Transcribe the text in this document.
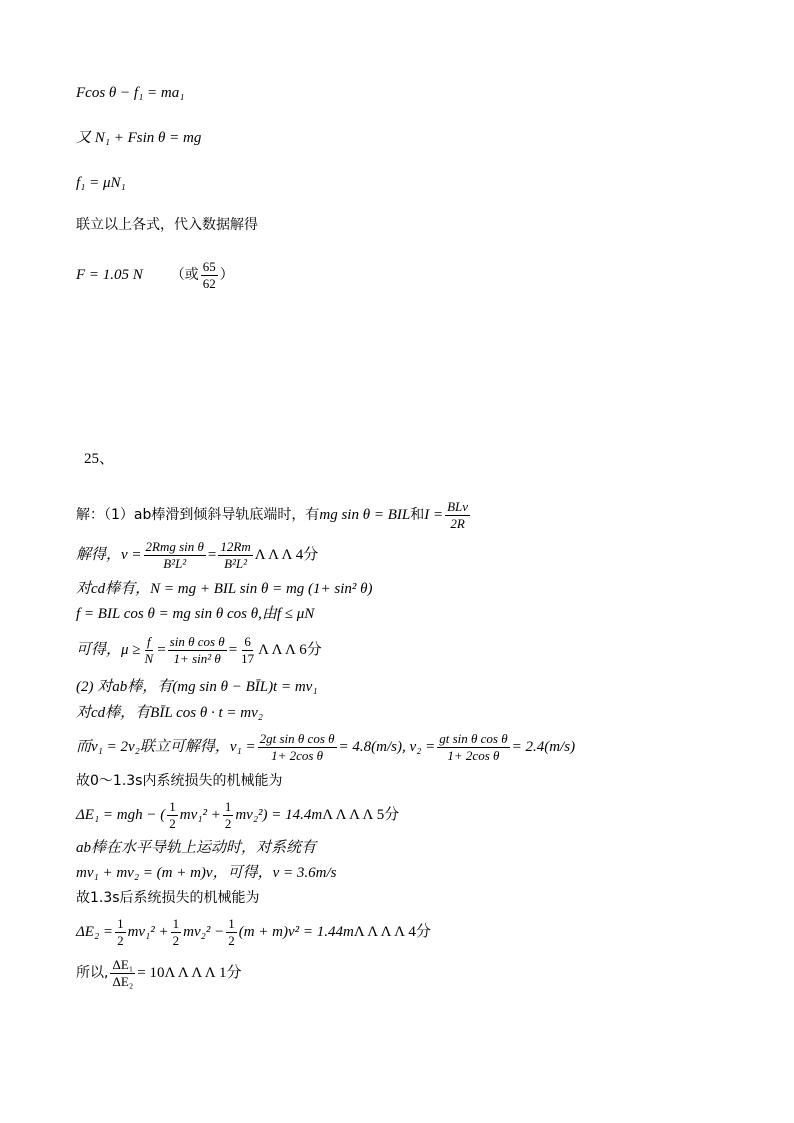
Fcos θ − f₁ = ma₁
又 N₁ + Fsin θ = mg
f₁ = μN₁
联立以上各式，代入数据解得
F = 1.05 N （或 $\frac{65}{62}$ ）
25、
解：（1）ab棒滑到倾斜导轨底端时，有 mg sin θ = BIL 和 $I = \frac{\text{BLv}}{2R}$
解得，$v = \frac{\text{2Rmg sin θ}}{\text{B²L²}} = \frac{12Rm}{\text{B²L²}}$ Λ Λ Λ 4分
对cd棒有，N = mg + BIL sin θ = mg (1+ sin² θ)
f = BIL cos θ = mg sin θ cos θ,由f ≤ μN
可得，$\mu \ge \frac{f}{N} = \frac{\text{sin θ cos θ}}{\text{1+ sin² θ}} = \frac{6}{17}$ Λ Λ Λ 6分
(2) 对ab棒，有(mg sin θ − BĪL)t = mv₁
对cd棒，有BĪL cos θ · t = mv₂
而v₁ = 2v₂联立可解得，$v_1 = \frac{\text{2gt sin θ cos θ}}{\text{1+ 2cos θ}} = 4.8(m/s)$, $v_2 = \frac{\text{gt sin θ cos θ}}{\text{1+ 2cos θ}} = 2.4(m/s)$
故0～1.3s内系统损失的机械能为
ΔE₁ = mgh − ( $\frac{1}{2} mv_1^2 + \frac{1}{2} mv_2^2) = 14.4m$ Λ Λ Λ Λ 5分
ab棒在水平导轨上运动时，对系统有
mv₁ + mv₂ = (m + m)v，可得，v = 3.6m/s
故1.3s后系统损失的机械能为
$\Delta E_2 = \frac{1}{2} mv_1^2 + \frac{1}{2} mv_2^2 - \frac{1}{2} (m + m)v^2 = 1.44m$ Λ Λ Λ Λ 4分
所以, $\frac{\text{ΔE₁}}{\text{ΔE₂}} = 10$ Λ Λ Λ Λ 1分
